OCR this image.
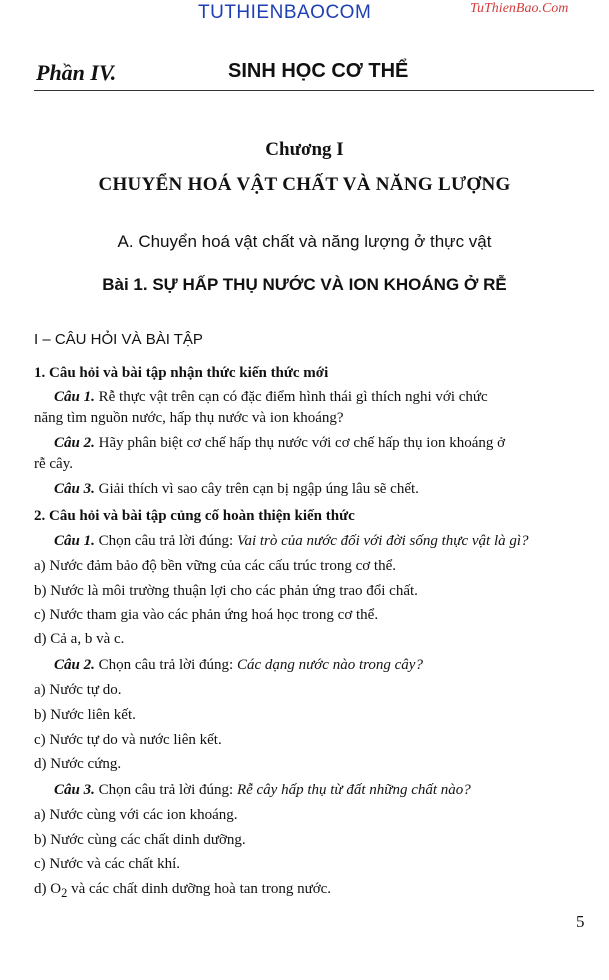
TUTHIENBAOCOM	TuThienBao.Com
Phần IV.	SINH HỌC CƠ THỂ
Chương I
CHUYỂN HOÁ VẬT CHẤT VÀ NĂNG LƯỢNG
A. Chuyển hoá vật chất và năng lượng ở thực vật
Bài 1. SỰ HẤP THỤ NƯỚC VÀ ION KHOÁNG Ở RỄ
I – CÂU HỎI VÀ BÀI TẬP
1. Câu hỏi và bài tập nhận thức kiến thức mới
Câu 1. Rễ thực vật trên cạn có đặc điểm hình thái gì thích nghi với chức
năng tìm nguồn nước, hấp thụ nước và ion khoáng?
Câu 2. Hãy phân biệt cơ chế hấp thụ nước với cơ chế hấp thụ ion khoáng ở
rễ cây.
Câu 3. Giải thích vì sao cây trên cạn bị ngập úng lâu sẽ chết.
2. Câu hỏi và bài tập củng cố hoàn thiện kiến thức
Câu 1. Chọn câu trả lời đúng: Vai trò của nước đối với đời sống thực vật là gì?
a) Nước đảm bảo độ bền vững của các cấu trúc trong cơ thể.
b) Nước là môi trường thuận lợi cho các phản ứng trao đổi chất.
c) Nước tham gia vào các phản ứng hoá học trong cơ thể.
d) Cả a, b và c.
Câu 2. Chọn câu trả lời đúng: Các dạng nước nào trong cây?
a) Nước tự do.
b) Nước liên kết.
c) Nước tự do và nước liên kết.
d) Nước cứng.
Câu 3. Chọn câu trả lời đúng: Rễ cây hấp thụ từ đất những chất nào?
a) Nước cùng với các ion khoáng.
b) Nước cùng các chất dinh dưỡng.
c) Nước và các chất khí.
d) $O_2$ và các chất dinh dưỡng hoà tan trong nước.
5
